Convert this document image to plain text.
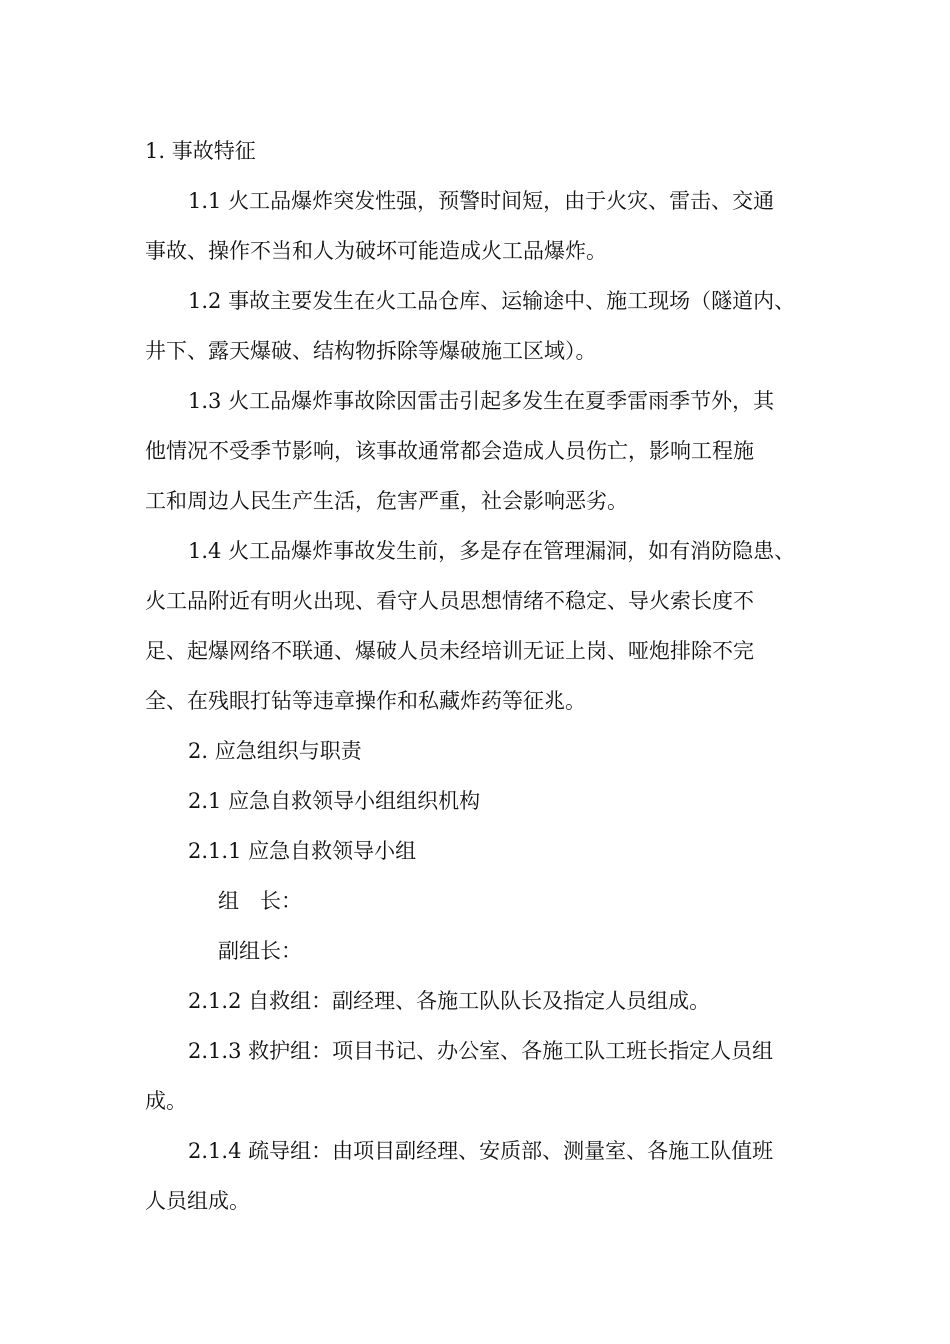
1. 事故特征
1.1 火工品爆炸突发性强，预警时间短，由于火灾、雷击、交通
事故、操作不当和人为破坏可能造成火工品爆炸。
1.2 事故主要发生在火工品仓库、运输途中、施工现场（隧道内、
井下、露天爆破、结构物拆除等爆破施工区域）。
1.3 火工品爆炸事故除因雷击引起多发生在夏季雷雨季节外，其
他情况不受季节影响，该事故通常都会造成人员伤亡，影响工程施
工和周边人民生产生活，危害严重，社会影响恶劣。
1.4 火工品爆炸事故发生前，多是存在管理漏洞，如有消防隐患、
火工品附近有明火出现、看守人员思想情绪不稳定、导火索长度不
足、起爆网络不联通、爆破人员未经培训无证上岗、哑炮排除不完
全、在残眼打钻等违章操作和私藏炸药等征兆。
2. 应急组织与职责
2.1 应急自救领导小组组织机构
2.1.1 应急自救领导小组
组　长：
副组长：
2.1.2 自救组：副经理、各施工队队长及指定人员组成。
2.1.3 救护组：项目书记、办公室、各施工队工班长指定人员组
成。
2.1.4 疏导组：由项目副经理、安质部、测量室、各施工队值班
人员组成。
